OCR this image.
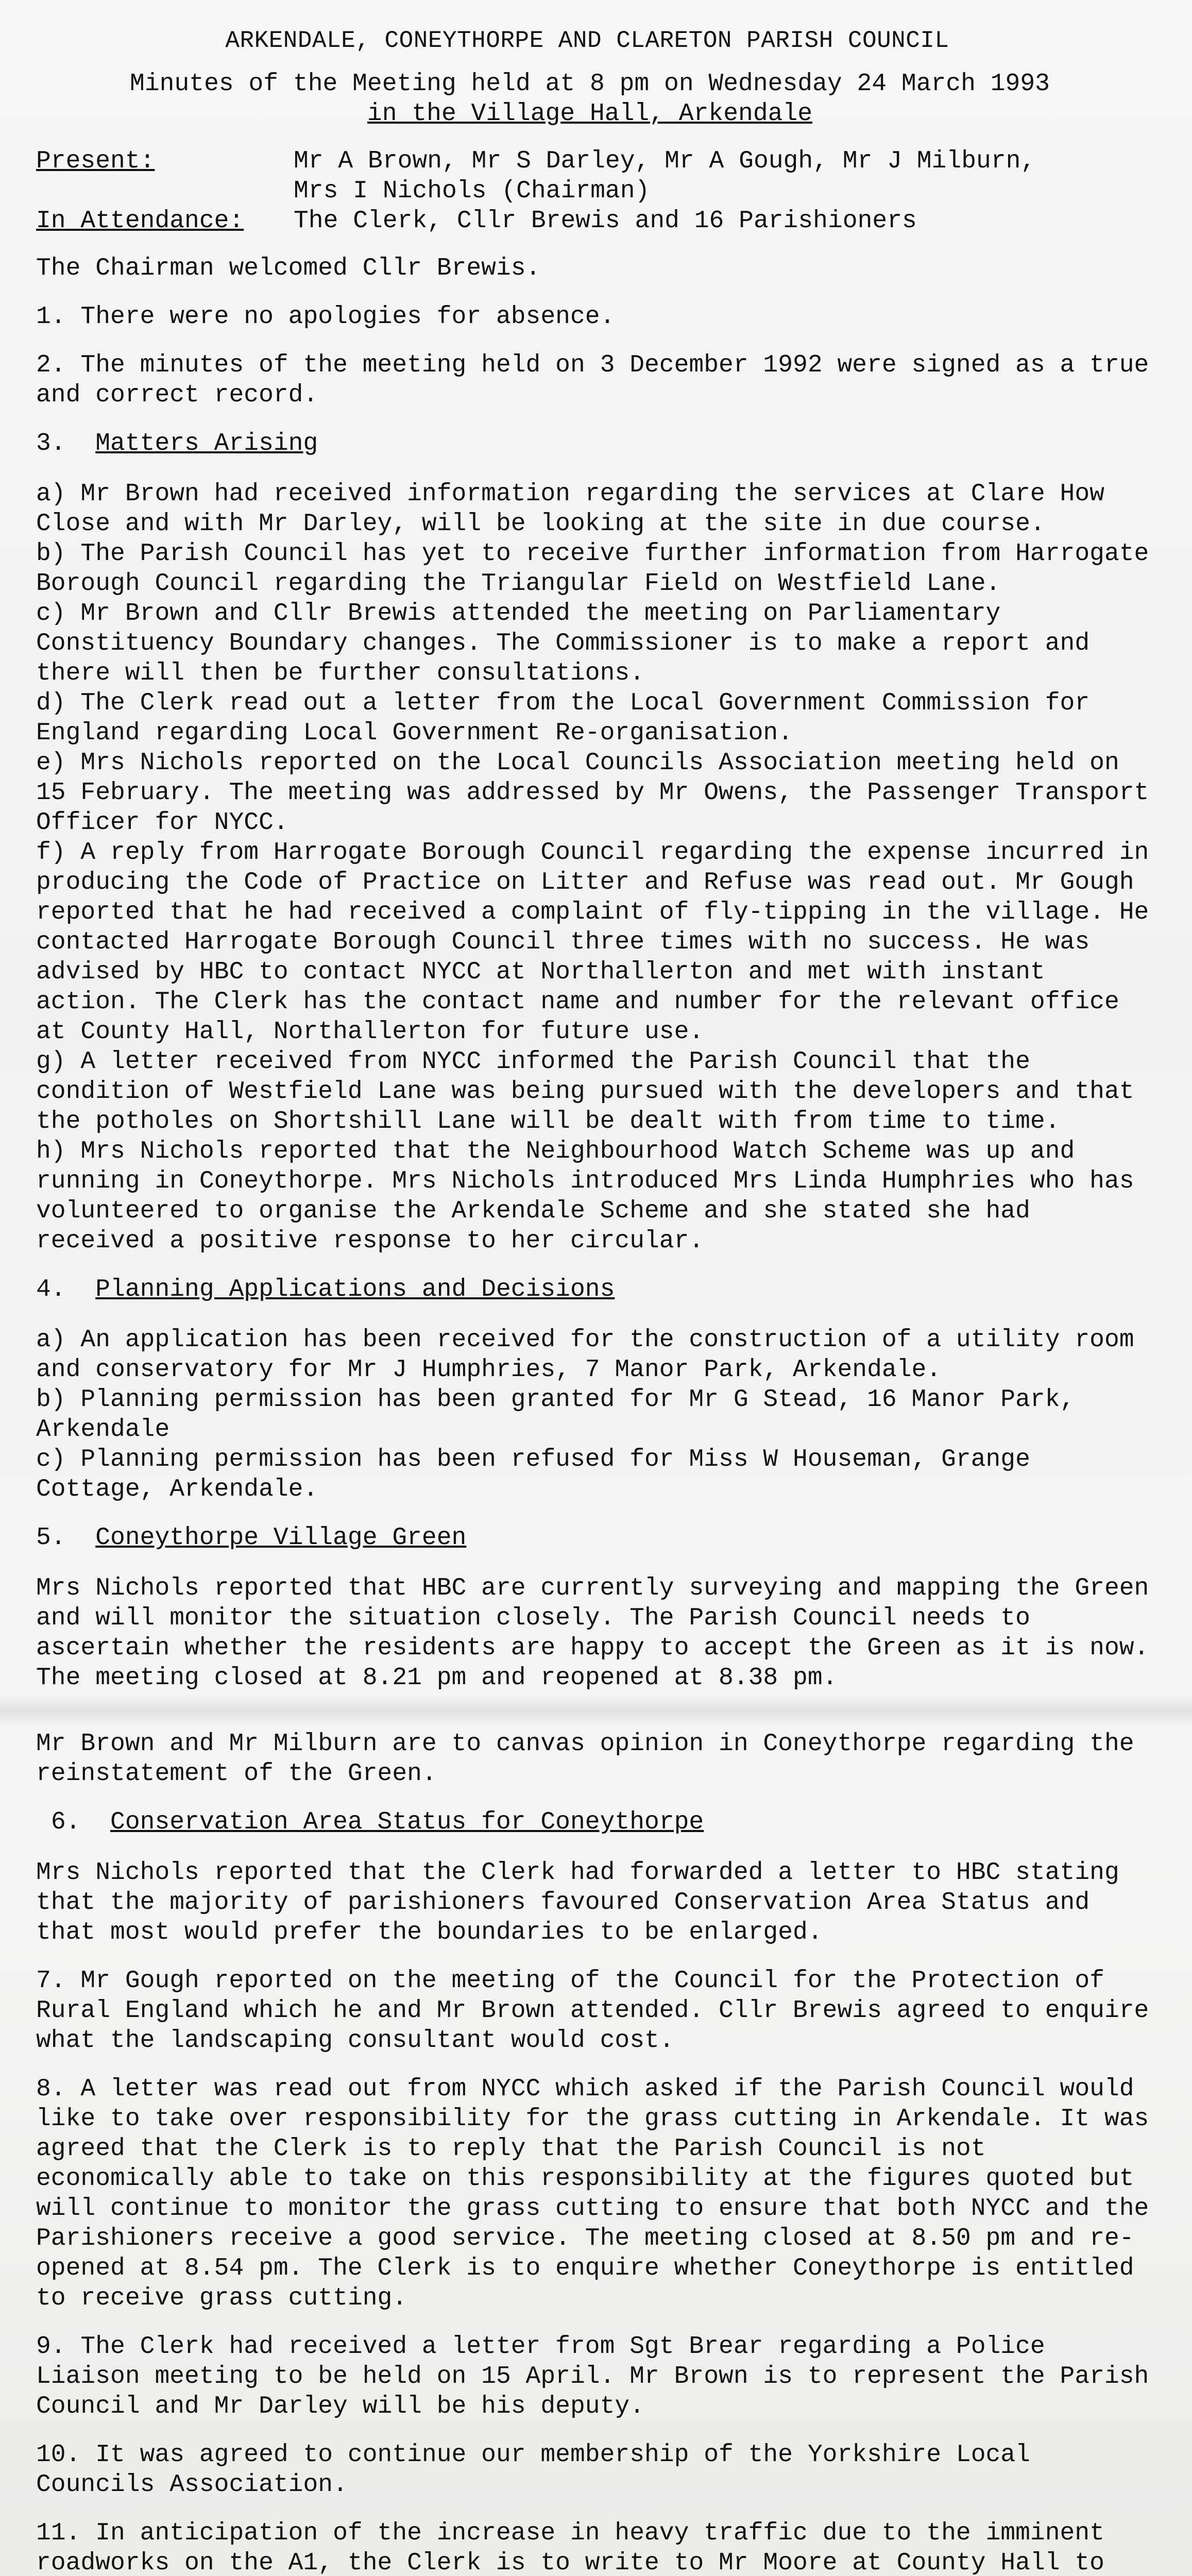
ARKENDALE, CONEYTHORPE AND CLARETON PARISH COUNCIL
Minutes of the Meeting held at 8 pm on Wednesday 24 March 1993
in the Village Hall, Arkendale
Present:	Mr A Brown, Mr S Darley, Mr A Gough, Mr J Milburn,
Mrs I Nichols (Chairman)
In Attendance:	The Clerk, Cllr Brewis and 16 Parishioners

The Chairman welcomed Cllr Brewis.

1. There were no apologies for absence.

2. The minutes of the meeting held on 3 December 1992 were signed as a true and correct record.

3. Matters Arising

a) Mr Brown had received information regarding the services at Clare How Close and with Mr Darley, will be looking at the site in due course.

b) The Parish Council has yet to receive further information from Harrogate Borough Council regarding the Triangular Field on Westfield Lane.

c) Mr Brown and Cllr Brewis attended the meeting on Parliamentary Constituency Boundary changes. The Commissioner is to make a report and there will then be further consultations.

d) The Clerk read out a letter from the Local Government Commission for England regarding Local Government Re-organisation.

e) Mrs Nichols reported on the Local Councils Association meeting held on 15 February. The meeting was addressed by Mr Owens, the Passenger Transport Officer for NYCC.

f) A reply from Harrogate Borough Council regarding the expense incurred in producing the Code of Practice on Litter and Refuse was read out. Mr Gough reported that he had received a complaint of fly-tipping in the village. He contacted Harrogate Borough Council three times with no success. He was advised by HBC to contact NYCC at Northallerton and met with instant action. The Clerk has the contact name and number for the relevant office at County Hall, Northallerton for future use.

g) A letter received from NYCC informed the Parish Council that the condition of Westfield Lane was being pursued with the developers and that the potholes on Shortshill Lane will be dealt with from time to time.

h) Mrs Nichols reported that the Neighbourhood Watch Scheme was up and running in Coneythorpe. Mrs Nichols introduced Mrs Linda Humphries who has volunteered to organise the Arkendale Scheme and she stated she had received a positive response to her circular.

4. Planning Applications and Decisions

a) An application has been received for the construction of a utility room and conservatory for Mr J Humphries, 7 Manor Park, Arkendale.

b) Planning permission has been granted for Mr G Stead, 16 Manor Park, Arkendale

c) Planning permission has been refused for Miss W Houseman, Grange Cottage, Arkendale.

5. Coneythorpe Village Green

Mrs Nichols reported that HBC are currently surveying and mapping the Green and will monitor the situation closely. The Parish Council needs to ascertain whether the residents are happy to accept the Green as it is now. The meeting closed at 8.21 pm and reopened at 8.38 pm.

Mr Brown and Mr Milburn are to canvas opinion in Coneythorpe regarding the reinstatement of the Green.

6. Conservation Area Status for Coneythorpe

Mrs Nichols reported that the Clerk had forwarded a letter to HBC stating that the majority of parishioners favoured Conservation Area Status and that most would prefer the boundaries to be enlarged.

7. Mr Gough reported on the meeting of the Council for the Protection of Rural England which he and Mr Brown attended. Cllr Brewis agreed to enquire what the landscaping consultant would cost.

8. A letter was read out from NYCC which asked if the Parish Council would like to take over responsibility for the grass cutting in Arkendale. It was agreed that the Clerk is to reply that the Parish Council is not economically able to take on this responsibility at the figures quoted but will continue to monitor the grass cutting to ensure that both NYCC and the Parishioners receive a good service. The meeting closed at 8.50 pm and re-opened at 8.54 pm. The Clerk is to enquire whether Coneythorpe is entitled to receive grass cutting.

9. The Clerk had received a letter from Sgt Brear regarding a Police Liaison meeting to be held on 15 April. Mr Brown is to represent the Parish Council and Mr Darley will be his deputy.

10. It was agreed to continue our membership of the Yorkshire Local Councils Association.

11. In anticipation of the increase in heavy traffic due to the imminent roadworks on the A1, the Clerk is to write to Mr Moore at County Hall to
